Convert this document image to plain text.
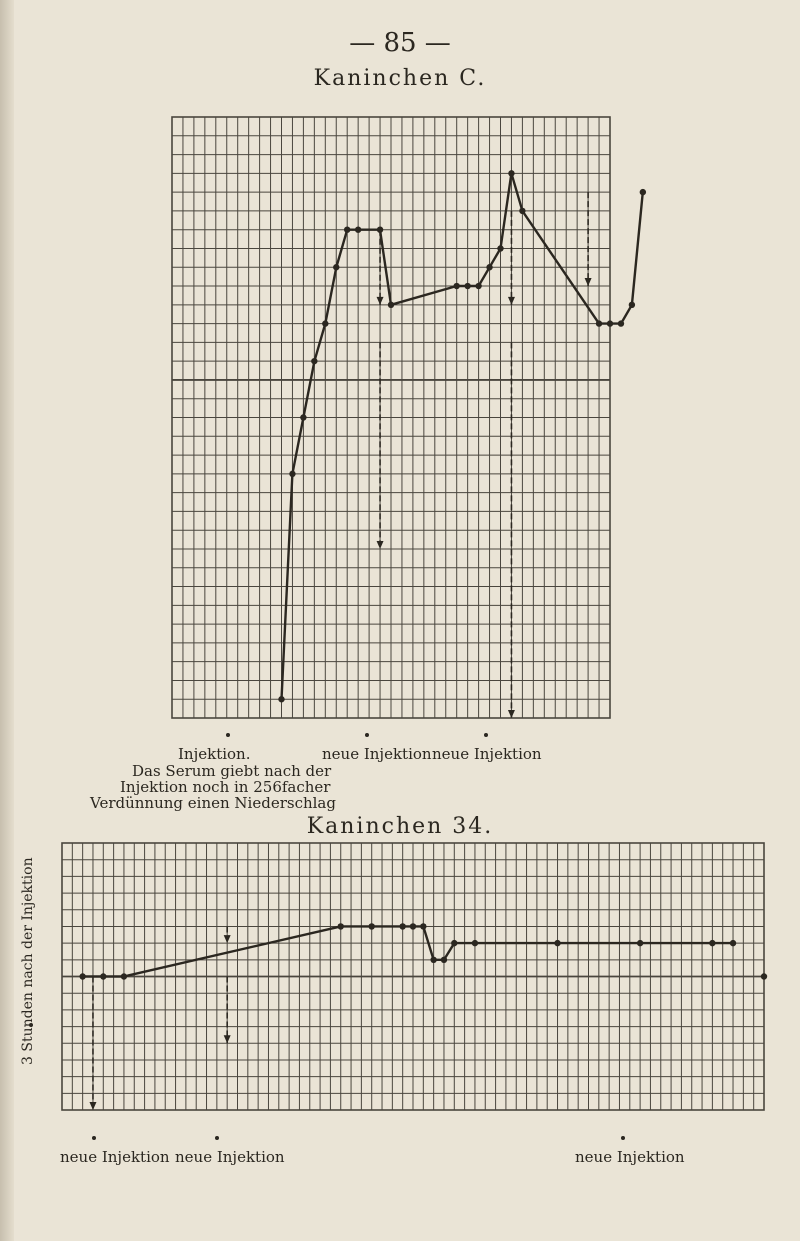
— 85 —
Kaninchen C.
Injektion.	neue Injektion neue Injektion
Das Serum giebt nach der
Injektion noch in 256facher
Verdünnung einen Niederschlag
Kaninchen 34.
neue Injektion neue Injektion	neue Injektion
3 Stunden nach der Injektion
